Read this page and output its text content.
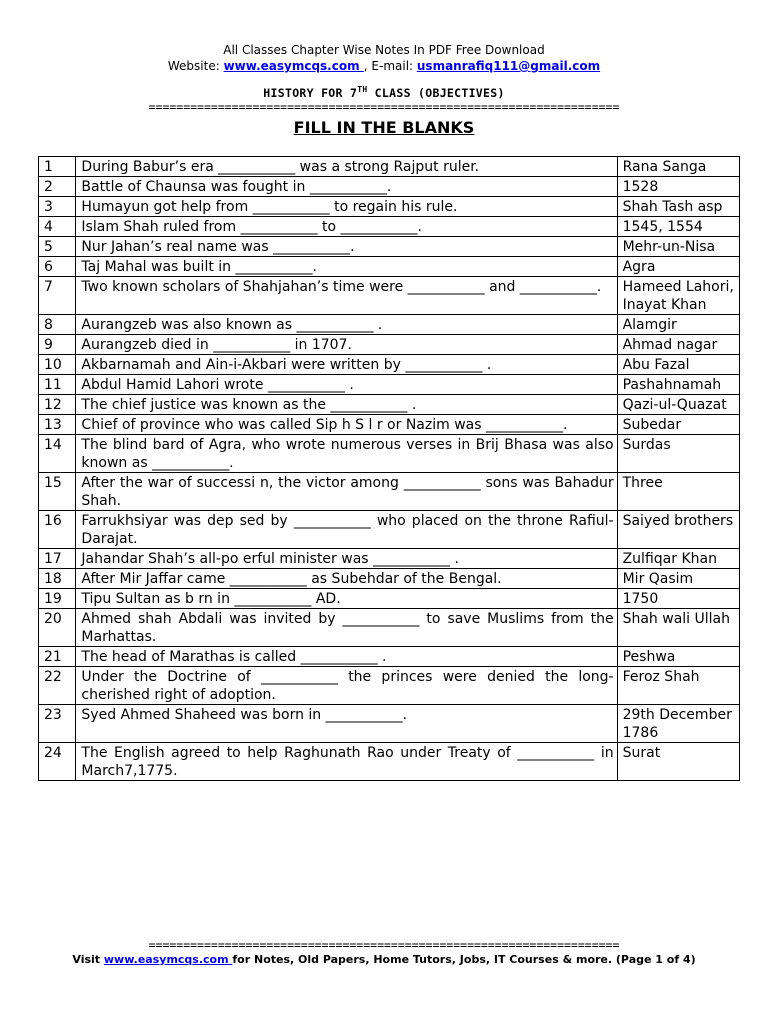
All Classes Chapter Wise Notes In PDF Free Download
Website: www.easymcqs.com , E-mail: usmanrafiq111@gmail.com
HISTORY FOR 7TH CLASS (OBJECTIVES)
====================================================================
FILL IN THE BLANKS
1	During Babur’s era ___________ was a strong Rajput ruler.	Rana Sanga
2	Battle of Chaunsa was fought in ___________.	1528
3	Humayun got help from ___________ to regain his rule.	Shah Tash asp
4	Islam Shah ruled from ___________ to ___________.	1545, 1554
5	Nur Jahan’s real name was ___________.	Mehr-un-Nisa
6	Taj Mahal was built in ___________.	Agra
7	Two known scholars of Shahjahan’s time were ___________ and ___________.	Hameed Lahori, Inayat Khan
8	Aurangzeb was also known as ___________ .	Alamgir
9	Aurangzeb died in ___________ in 1707.	Ahmad nagar
10	Akbarnamah and Ain-i-Akbari were written by ___________ .	Abu Fazal
11	Abdul Hamid Lahori wrote ___________ .	Pashahnamah
12	The chief justice was known as the ___________ .	Qazi-ul-Quazat
13	Chief of province who was called Sip h S l r or Nazim was ___________.	Subedar
14	The blind bard of Agra, who wrote numerous verses in Brij Bhasa was also known as ___________.	Surdas
15	After the war of successi n, the victor among ___________ sons was Bahadur Shah.	Three
16	Farrukhsiyar was dep sed by ___________ who placed on the throne Rafiul-Darajat.	Saiyed brothers
17	Jahandar Shah’s all-po erful minister was ___________ .	Zulfiqar Khan
18	After Mir Jaffar came ___________ as Subehdar of the Bengal.	Mir Qasim
19	Tipu Sultan as b rn in ___________ AD.	1750
20	Ahmed shah Abdali was invited by ___________ to save Muslims from the Marhattas.	Shah wali Ullah
21	The head of Marathas is called ___________ .	Peshwa
22	Under the Doctrine of ___________ the princes were denied the long-cherished right of adoption.	Feroz Shah
23	Syed Ahmed Shaheed was born in ___________.	29th December 1786
24	The English agreed to help Raghunath Rao under Treaty of ___________ in March7,1775.	Surat
====================================================================
Visit www.easymcqs.com for Notes, Old Papers, Home Tutors, Jobs, IT Courses & more. (Page 1 of 4)
